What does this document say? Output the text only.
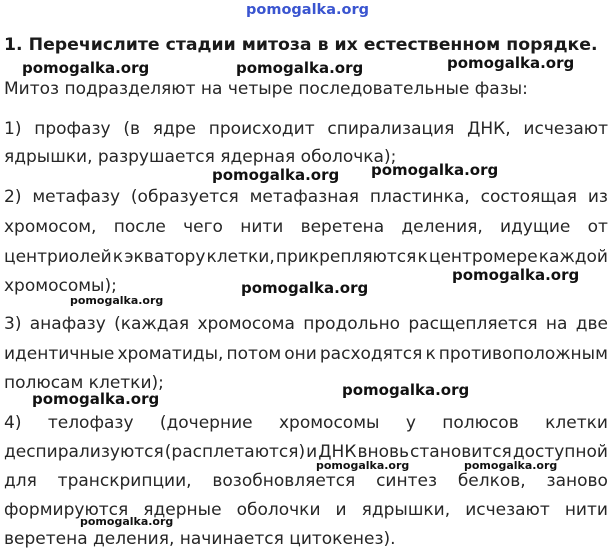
1. Перечислите стадии митоза в их естественном порядке.
Митоз подразделяют на четыре последовательные фазы:
1) профазу (в ядре происходит спирализация ДНК, исчезают
ядрышки, разрушается ядерная оболочка);
2) метафазу (образуется метафазная пластинка, состоящая из
хромосом, после чего нити веретена деления, идущие от
центриолей к экватору клетки, прикрепляются к центромере каждой
хромосомы);
3) анафазу (каждая хромосома продольно расщепляется на две
идентичные хроматиды, потом они расходятся к противоположным
полюсам клетки);
4) телофазу (дочерние хромосомы у полюсов клетки
деспирализуются (расплетаются) и ДНК вновь становится доступной
для транскрипции, возобновляется синтез белков, заново
формируются ядерные оболочки и ядрышки, исчезают нити
веретена деления, начинается цитокенез).
pomogalka.org
pomogalka.org	pomogalka.org	pomogalka.org
pomogalka.org pomogalka.org
pomogalka.org
pomogalka.org
pomogalka.org
pomogalka.org
pomogalka.org
pomogalka.org	pomogalka.org
pomogalka.org
